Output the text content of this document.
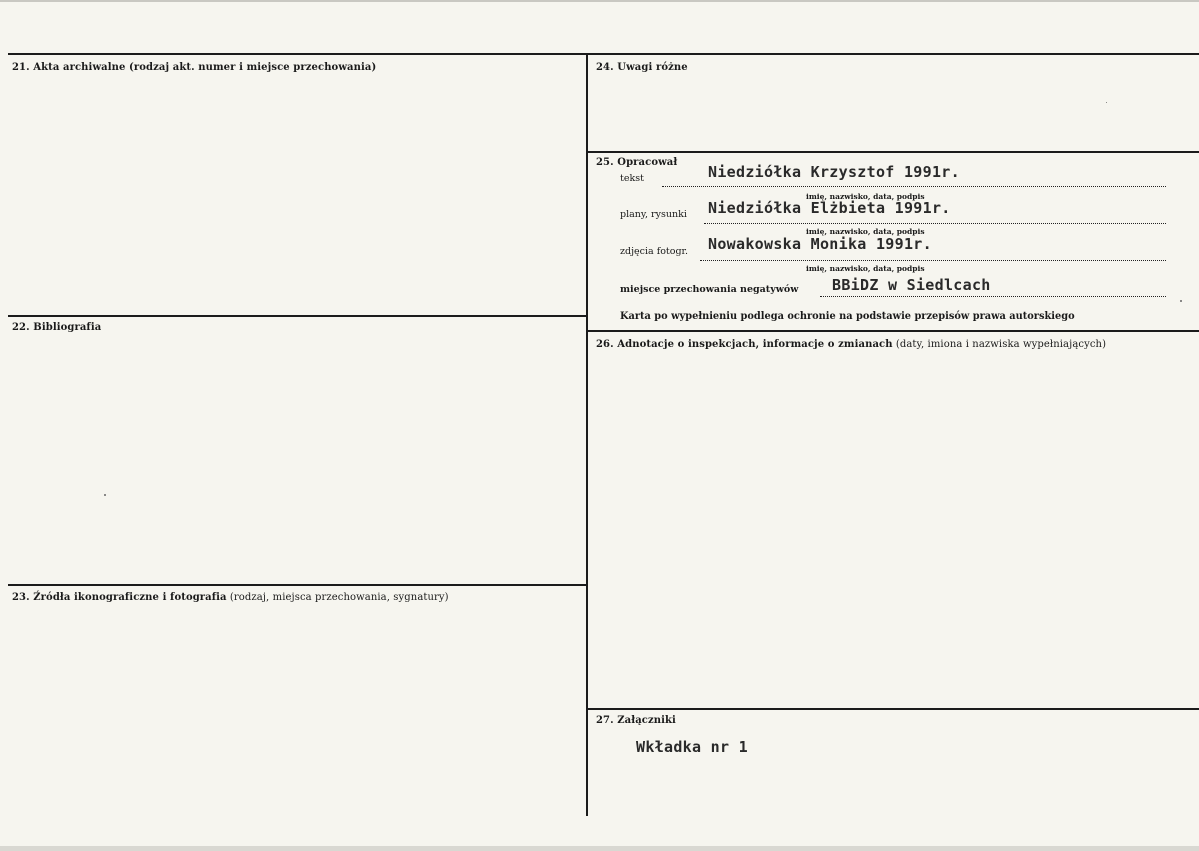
21. Akta archiwalne (rodzaj akt. numer i miejsce przechowania)
22. Bibliografia
23. Źródła ikonograficzne i fotografia (rodzaj, miejsca przechowania, sygnatury)
24. Uwagi różne
25. Opracował
tekst	Niedziółka Krzysztof 1991r.
imię, nazwisko, data, podpis
plany, rysunki Niedziółka Elżbieta 1991r.
imię, nazwisko, data, podpis
zdjęcia fotogr. Nowakowska Monika 1991r.
imię, nazwisko, data, podpis
miejsce przechowania negatywów BBiDZ w Siedlcach
Karta po wypełnieniu podlega ochronie na podstawie przepisów prawa autorskiego
26. Adnotacje o inspekcjach, informacje o zmianach (daty, imiona i nazwiska wypełniających)
27. Załączniki
Wkładka nr 1
